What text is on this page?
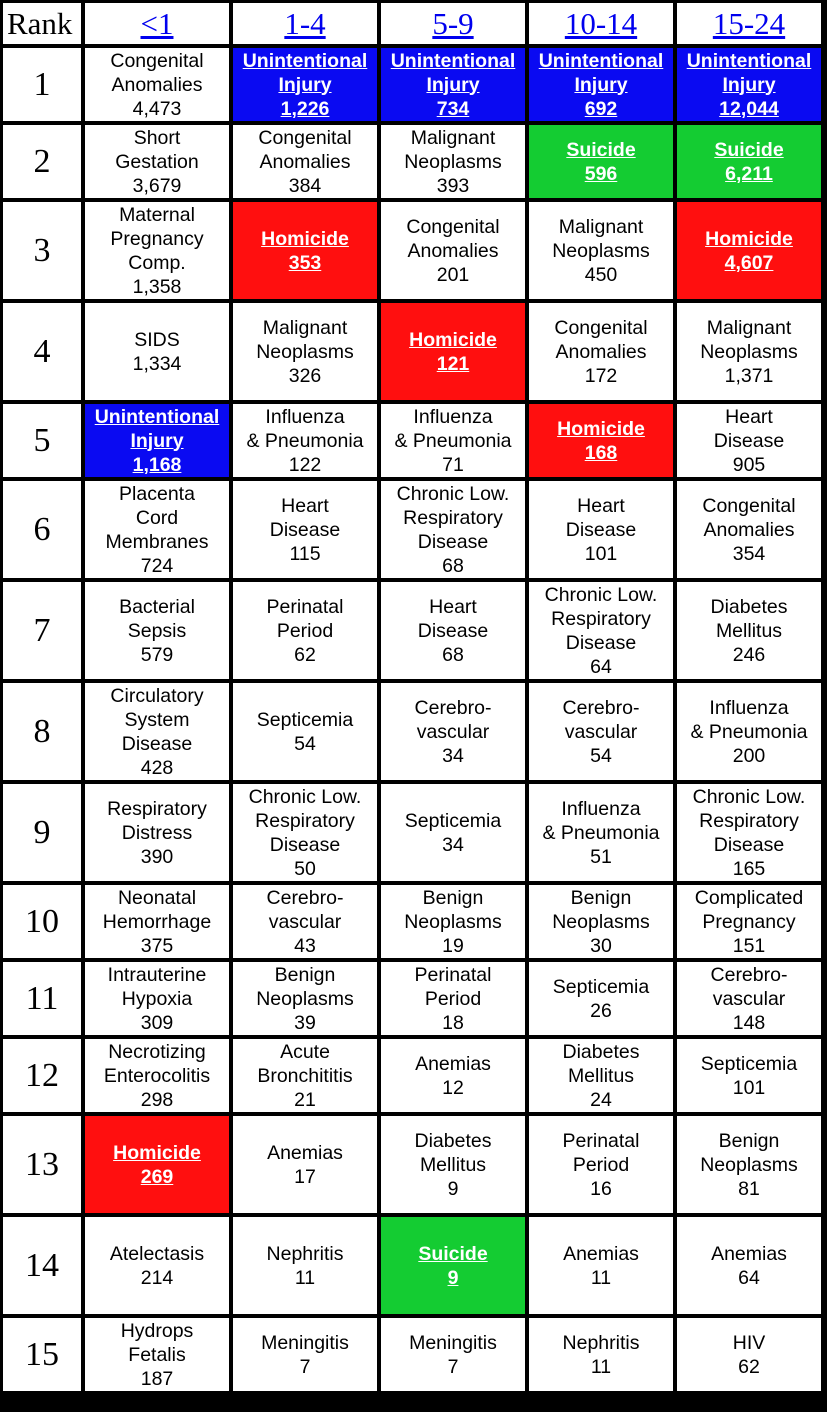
Rank	<1	1-4	5-9	10-14	15-24
1	Congenital
Anomalies
4,473	Unintentional
Injury
1,226	Unintentional
Injury
734	Unintentional
Injury
692	Unintentional
Injury
12,044

2	Short
Gestation
3,679	Congenital
Anomalies
384	Malignant
Neoplasms
393	Suicide
596	Suicide
6,211

3	Maternal
Pregnancy
Comp.
1,358	Homicide
353	Congenital
Anomalies
201	Malignant
Neoplasms
450	Homicide
4,607

4	SIDS
1,334	Malignant
Neoplasms
326	Homicide
121	Congenital
Anomalies
172	Malignant
Neoplasms
1,371

5	Unintentional
Injury
1,168	Influenza
& Pneumonia
122	Influenza
& Pneumonia
71	Homicide
168	Heart
Disease
905

6	Placenta
Cord
Membranes
724	Heart
Disease
115	Chronic Low.
Respiratory
Disease
68	Heart
Disease
101	Congenital
Anomalies
354

7	Bacterial
Sepsis
579	Perinatal
Period
62	Heart
Disease
68	Chronic Low.
Respiratory
Disease
64	Diabetes
Mellitus
246

8	Circulatory
System
Disease
428	Septicemia
54	Cerebro-
vascular
34	Cerebro-
vascular
54	Influenza
& Pneumonia
200

9	Respiratory
Distress
390	Chronic Low.
Respiratory
Disease
50	Septicemia
34	Influenza
& Pneumonia
51	Chronic Low.
Respiratory
Disease
165

10	Neonatal
Hemorrhage
375	Cerebro-
vascular
43	Benign
Neoplasms
19	Benign
Neoplasms
30	Complicated
Pregnancy
151

11	Intrauterine
Hypoxia
309	Benign
Neoplasms
39	Perinatal
Period
18	Septicemia
26	Cerebro-
vascular
148

12	Necrotizing
Enterocolitis
298	Acute
Bronchititis
21	Anemias
12	Diabetes
Mellitus
24	Septicemia
101

13	Homicide
269	Anemias
17	Diabetes
Mellitus
9	Perinatal
Period
16	Benign
Neoplasms
81

14	Atelectasis
214	Nephritis
11	Suicide
9	Anemias
11	Anemias
64

15	Hydrops
Fetalis
187	Meningitis
7	Meningitis
7	Nephritis
11	HIV
62
